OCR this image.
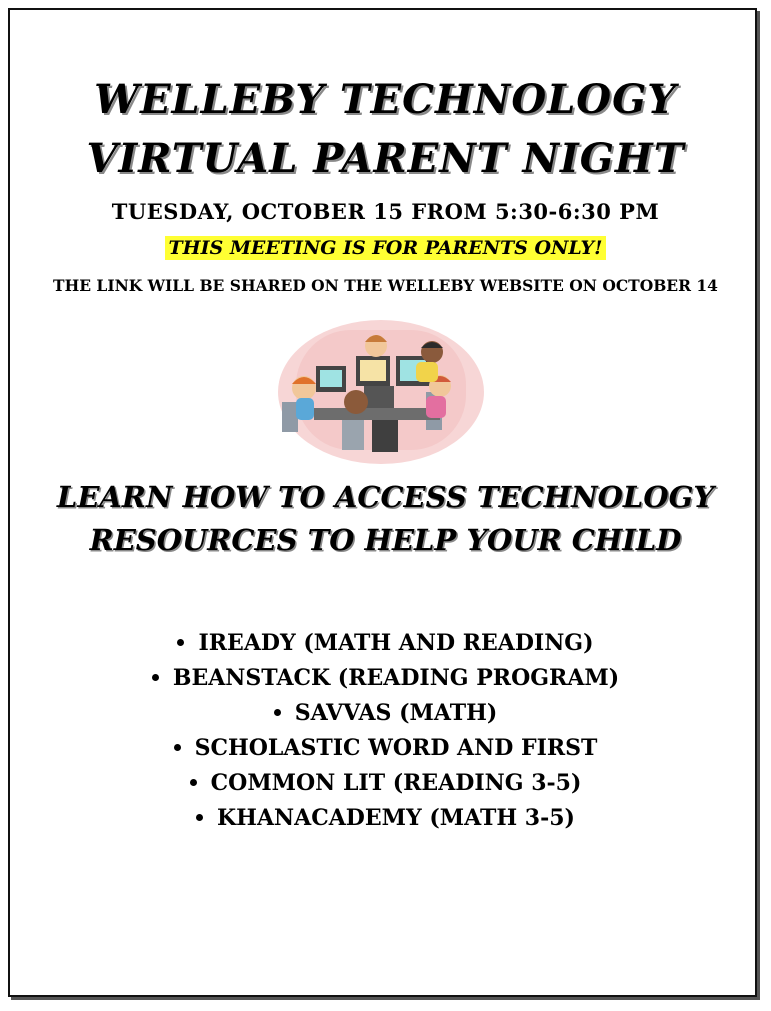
WELLEBY TECHNOLOGY
VIRTUAL PARENT NIGHT
TUESDAY, OCTOBER 15 FROM 5:30-6:30 PM
THIS MEETING IS FOR PARENTS ONLY!
THE LINK WILL BE SHARED ON THE WELLEBY WEBSITE ON OCTOBER 14
LEARN HOW TO ACCESS TECHNOLOGY
RESOURCES TO HELP YOUR CHILD
IREADY (MATH AND READING)
BEANSTACK (READING PROGRAM)
SAVVAS (MATH)
SCHOLASTIC WORD AND FIRST
COMMON LIT (READING 3-5)
KHANACADEMY (MATH 3-5)
